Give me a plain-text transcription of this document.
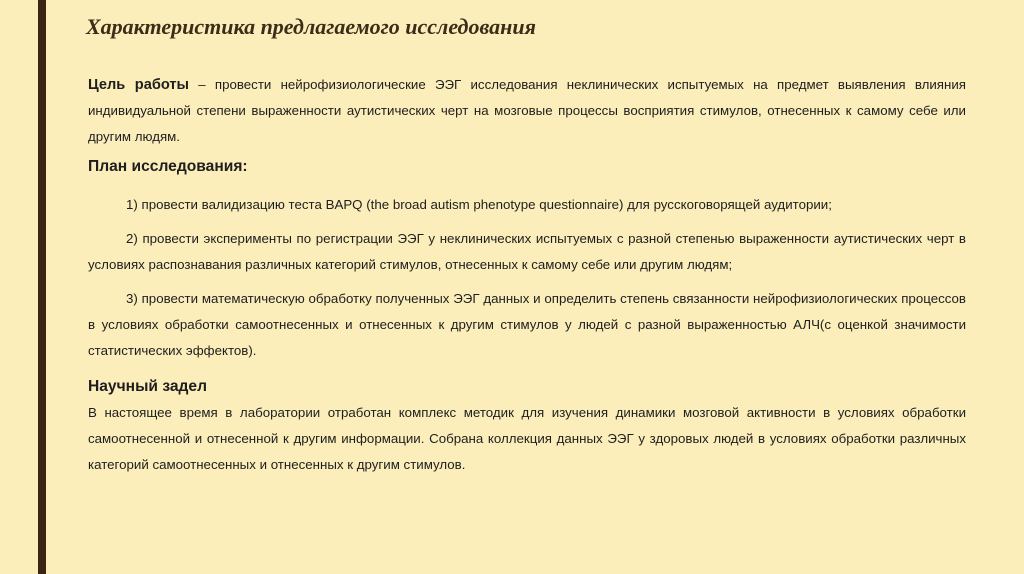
Характеристика предлагаемого исследования

Цель работы – провести нейрофизиологические ЭЭГ исследования неклинических испытуемых на предмет выявления влияния индивидуальной степени выраженности аутистических черт на мозговые процессы восприятия стимулов, отнесенных к самому себе или другим людям.

План исследования:

1) провести валидизацию теста BAPQ (the broad autism phenotype questionnaire) для русскоговорящей аудитории;

2) провести эксперименты по регистрации ЭЭГ у неклинических испытуемых с разной степенью выраженности аутистических черт в условиях распознавания различных категорий стимулов, отнесенных к самому себе или другим людям;

3) провести математическую обработку полученных ЭЭГ данных и определить степень связанности нейрофизиологических процессов в условиях обработки самоотнесенных и отнесенных к другим стимулов у людей с разной выраженностью АЛЧ(с оценкой значимости статистических эффектов).

Научный задел

В настоящее время в лаборатории отработан комплекс методик для изучения динамики мозговой активности в условиях обработки самоотнесенной и отнесенной к другим информации. Собрана коллекция данных ЭЭГ у здоровых людей в условиях обработки различных категорий самоотнесенных и отнесенных к другим стимулов.
